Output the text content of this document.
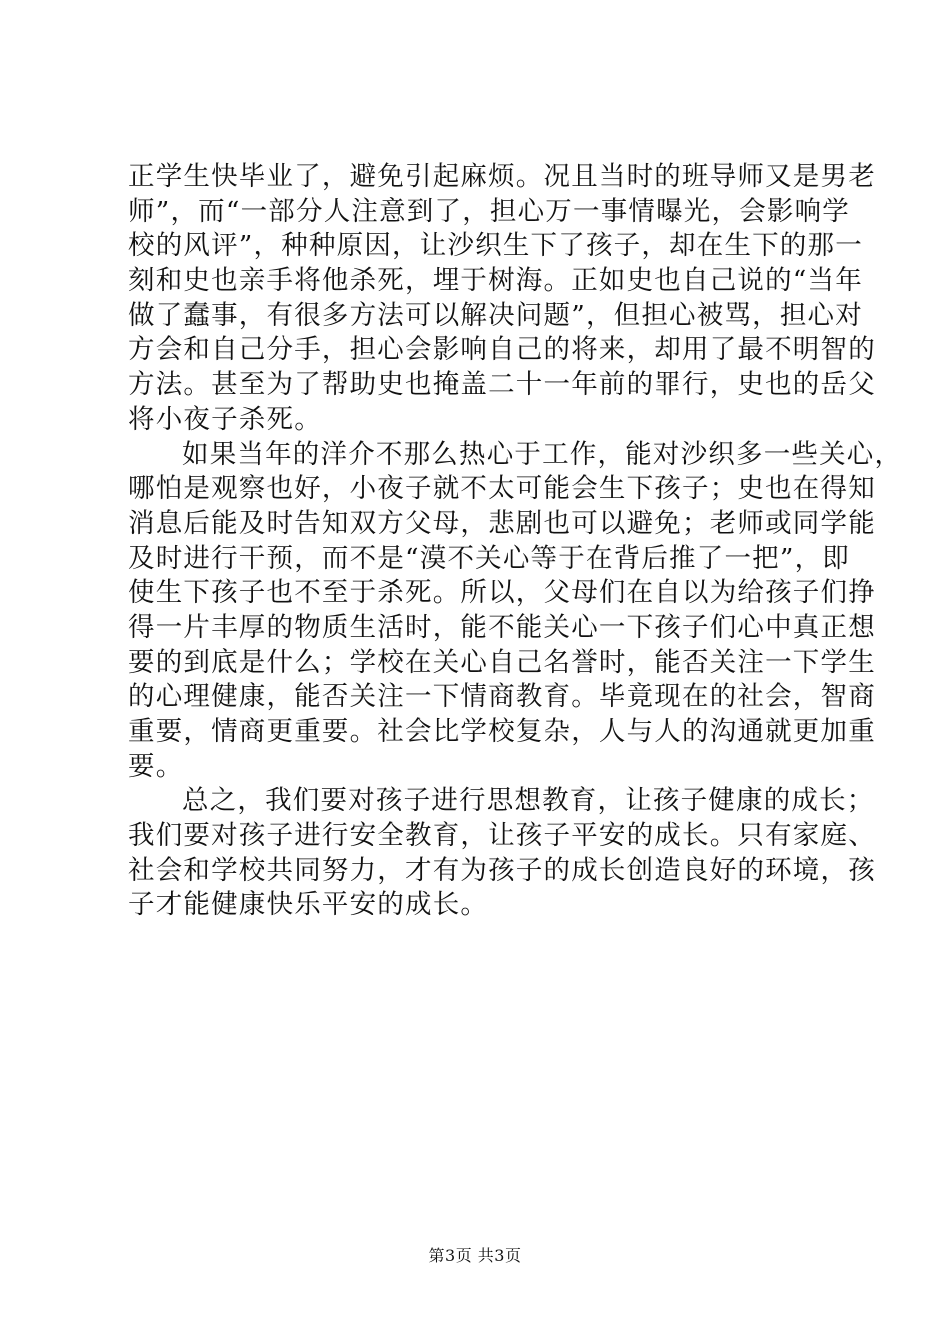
正学生快毕业了，避免引起麻烦。况且当时的班导师又是男老
师”，而“一部分人注意到了，担心万一事情曝光，会影响学
校的风评”，种种原因，让沙织生下了孩子，却在生下的那一
刻和史也亲手将他杀死，埋于树海。正如史也自己说的“当年
做了蠢事，有很多方法可以解决问题”，但担心被骂，担心对
方会和自己分手，担心会影响自己的将来，却用了最不明智的
方法。甚至为了帮助史也掩盖二十一年前的罪行，史也的岳父
将小夜子杀死。
如果当年的洋介不那么热心于工作，能对沙织多一些关心，
哪怕是观察也好，小夜子就不太可能会生下孩子；史也在得知
消息后能及时告知双方父母，悲剧也可以避免；老师或同学能
及时进行干预，而不是“漠不关心等于在背后推了一把”，即
使生下孩子也不至于杀死。所以，父母们在自以为给孩子们挣
得一片丰厚的物质生活时，能不能关心一下孩子们心中真正想
要的到底是什么；学校在关心自己名誉时，能否关注一下学生
的心理健康，能否关注一下情商教育。毕竟现在的社会，智商
重要，情商更重要。社会比学校复杂，人与人的沟通就更加重
要。
总之，我们要对孩子进行思想教育，让孩子健康的成长；
我们要对孩子进行安全教育，让孩子平安的成长。只有家庭、
社会和学校共同努力，才有为孩子的成长创造良好的环境，孩
子才能健康快乐平安的成长。
第3页 共3页
